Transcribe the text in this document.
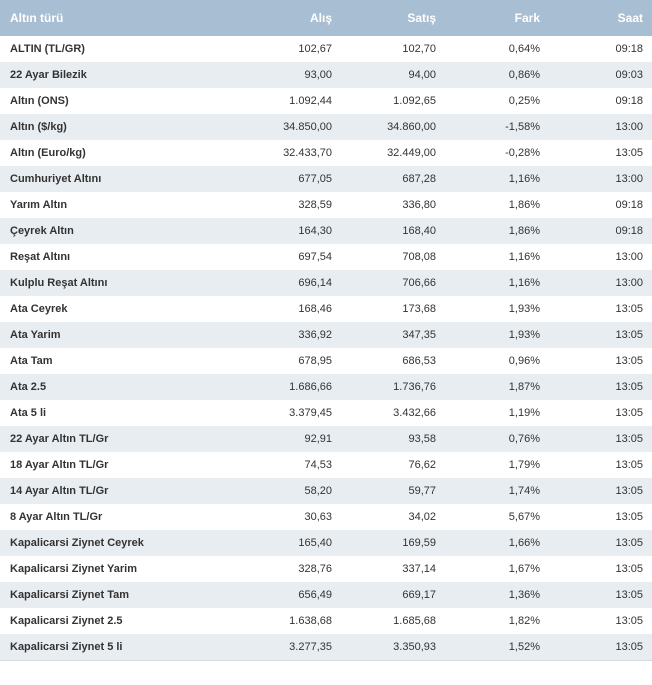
Altın türü	Alış	Satış	Fark	Saat
ALTIN (TL/GR)	102,67	102,70	0,64%	09:18
22 Ayar Bilezik	93,00	94,00	0,86%	09:03
Altın (ONS)	1.092,44	1.092,65	0,25%	09:18
Altın ($/kg)	34.850,00	34.860,00	-1,58%	13:00
Altın (Euro/kg)	32.433,70	32.449,00	-0,28%	13:05
Cumhuriyet Altını	677,05	687,28	1,16%	13:00
Yarım Altın	328,59	336,80	1,86%	09:18
Çeyrek Altın	164,30	168,40	1,86%	09:18
Reşat Altını	697,54	708,08	1,16%	13:00
Kulplu Reşat Altını	696,14	706,66	1,16%	13:00
Ata Ceyrek	168,46	173,68	1,93%	13:05
Ata Yarim	336,92	347,35	1,93%	13:05
Ata Tam	678,95	686,53	0,96%	13:05
Ata 2.5	1.686,66	1.736,76	1,87%	13:05
Ata 5 li	3.379,45	3.432,66	1,19%	13:05
22 Ayar Altın TL/Gr	92,91	93,58	0,76%	13:05
18 Ayar Altın TL/Gr	74,53	76,62	1,79%	13:05
14 Ayar Altın TL/Gr	58,20	59,77	1,74%	13:05
8 Ayar Altın TL/Gr	30,63	34,02	5,67%	13:05
Kapalicarsi Ziynet Ceyrek	165,40	169,59	1,66%	13:05
Kapalicarsi Ziynet Yarim	328,76	337,14	1,67%	13:05
Kapalicarsi Ziynet Tam	656,49	669,17	1,36%	13:05
Kapalicarsi Ziynet 2.5	1.638,68	1.685,68	1,82%	13:05
Kapalicarsi Ziynet 5 li	3.277,35	3.350,93	1,52%	13:05
